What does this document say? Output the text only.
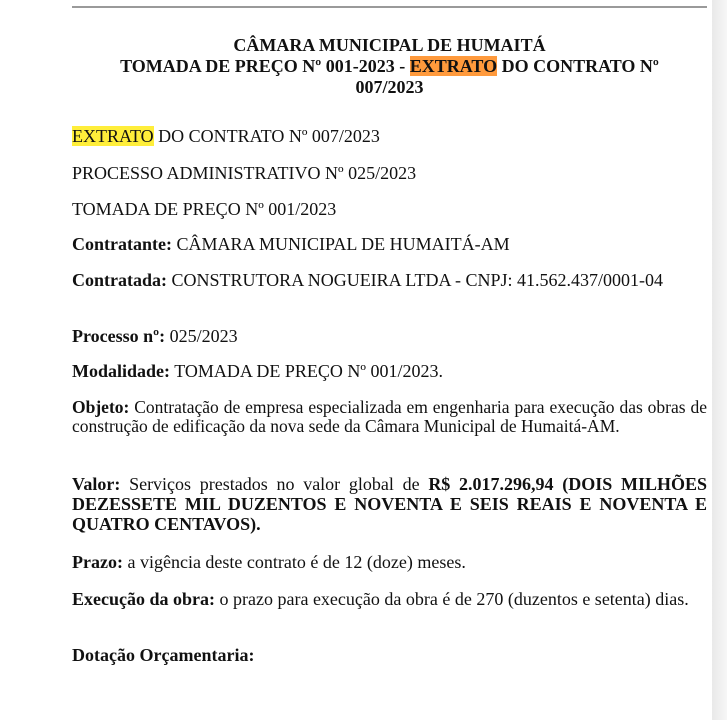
CÂMARA MUNICIPAL DE HUMAITÁ
TOMADA DE PREÇO Nº 001-2023 - EXTRATO DO CONTRATO Nº
007/2023
EXTRATO DO CONTRATO Nº 007/2023
PROCESSO ADMINISTRATIVO Nº 025/2023
TOMADA DE PREÇO Nº 001/2023
Contratante: CÂMARA MUNICIPAL DE HUMAITÁ-AM
Contratada: CONSTRUTORA NOGUEIRA LTDA - CNPJ: 41.562.437/0001-04
Processo nº: 025/2023
Modalidade: TOMADA DE PREÇO Nº 001/2023.
Objeto: Contratação de empresa especializada em engenharia para execução das obras de construção de edificação da nova sede da Câmara Municipal de Humaitá-AM.
Valor: Serviços prestados no valor global de R$ 2.017.296,94 (DOIS MILHÕES DEZESSETE MIL DUZENTOS E NOVENTA E SEIS REAIS E NOVENTA E QUATRO CENTAVOS).
Prazo: a vigência deste contrato é de 12 (doze) meses.
Execução da obra: o prazo para execução da obra é de 270 (duzentos e setenta) dias.
Dotação Orçamentaria:
